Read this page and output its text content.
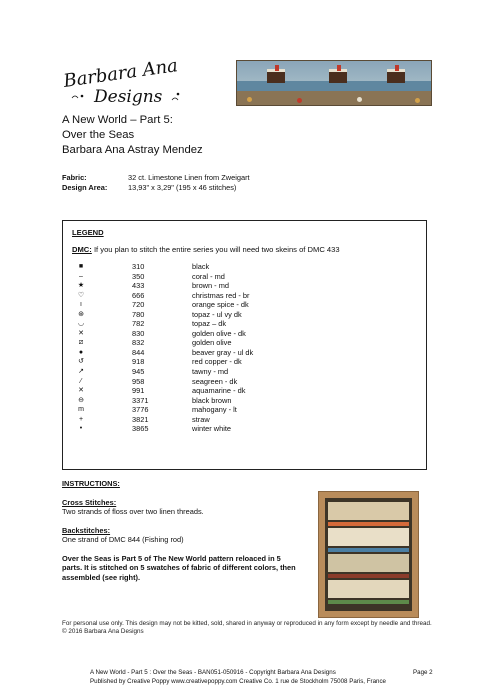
Barbara Ana
Designs
A New World – Part 5:
Over the Seas
Barbara Ana Astray Mendez
Fabric:	32 ct. Limestone Linen from Zweigart
Design Area:	13,93" x 3,29" (195 x 46 stitches)
LEGEND
DMC: If you plan to stitch the entire series you will need two skeins of DMC 433
■	310	black
–	350	coral - md
★	433	brown - md
♡	666	christmas red - br
ı	720	orange spice - dk
⊛	780	topaz - ul vy dk
◡	782	topaz – dk
✕	830	golden olive - dk
⧄	832	golden olive
●	844	beaver gray - ul dk
↺	918	red copper - dk
↗	945	tawny - md
⁄	958	seagreen - dk
✕	991	aquamarine - dk
⊖	3371	black brown
m	3776	mahogany - lt
+	3821	straw
•	3865	winter white
INSTRUCTIONS:
Cross Stitches:
Two strands of floss over two linen threads.
Backstitches:
One strand of DMC 844 (Fishing rod)
Over the Seas is Part 5 of The New World pattern reloaced in 5
parts. It is stitched on 5 swatches of fabric of different colors, then
assembled (see right).
For personal use only. This design may not be kitted, sold, shared in anyway or reproduced in any form except by needle and thread. © 2016 Barbara Ana Designs
A New World - Part 5 : Over the Seas - BAN051-050916 - Copyright Barbara Ana Designs	Page 2
Published by Creative Poppy www.creativepoppy.com Creative Co. 1 rue de Stockholm 75008 Paris, France
